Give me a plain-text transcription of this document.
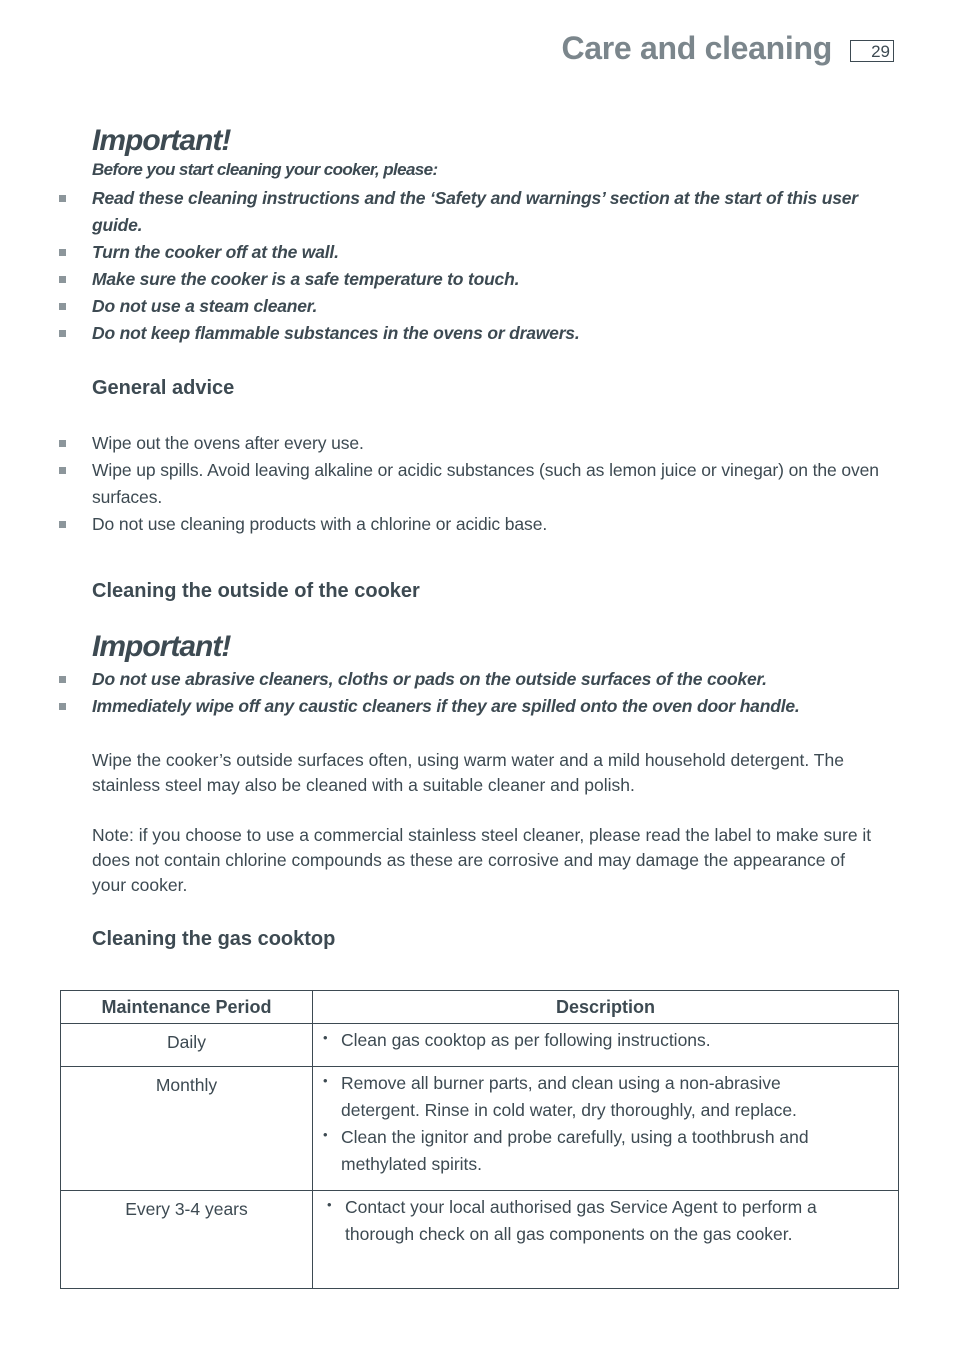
Care and cleaning	29
Important!
Before you start cleaning your cooker, please:
Read these cleaning instructions and the ‘Safety and warnings’ section at the start of this user guide.
Turn the cooker off at the wall.
Make sure the cooker is a safe temperature to touch.
Do not use a steam cleaner.
Do not keep flammable substances in the ovens or drawers.
General advice
Wipe out the ovens after every use.
Wipe up spills. Avoid leaving alkaline or acidic substances (such as lemon juice or vinegar) on the oven surfaces.
Do not use cleaning products with a chlorine or acidic base.
Cleaning the outside of the cooker
Important!
Do not use abrasive cleaners, cloths or pads on the outside surfaces of the cooker.
Immediately wipe off any caustic cleaners if they are spilled onto the oven door handle.
Wipe the cooker’s outside surfaces often, using warm water and a mild household detergent. The stainless steel may also be cleaned with a suitable cleaner and polish.
Note: if you choose to use a commercial stainless steel cleaner, please read the label to make sure it does not contain chlorine compounds as these are corrosive and may damage the appearance of your cooker.
Cleaning the gas cooktop
Maintenance Period	Description
Daily	• Clean gas cooktop as per following instructions.

Monthly	• Remove all burner parts, and clean using a non-abrasive detergent. Rinse in cold water, dry thoroughly, and replace.
• Clean the ignitor and probe carefully, using a toothbrush and methylated spirits.

Every 3-4 years	• Contact your local authorised gas Service Agent to perform a thorough check on all gas components on the gas cooker.
